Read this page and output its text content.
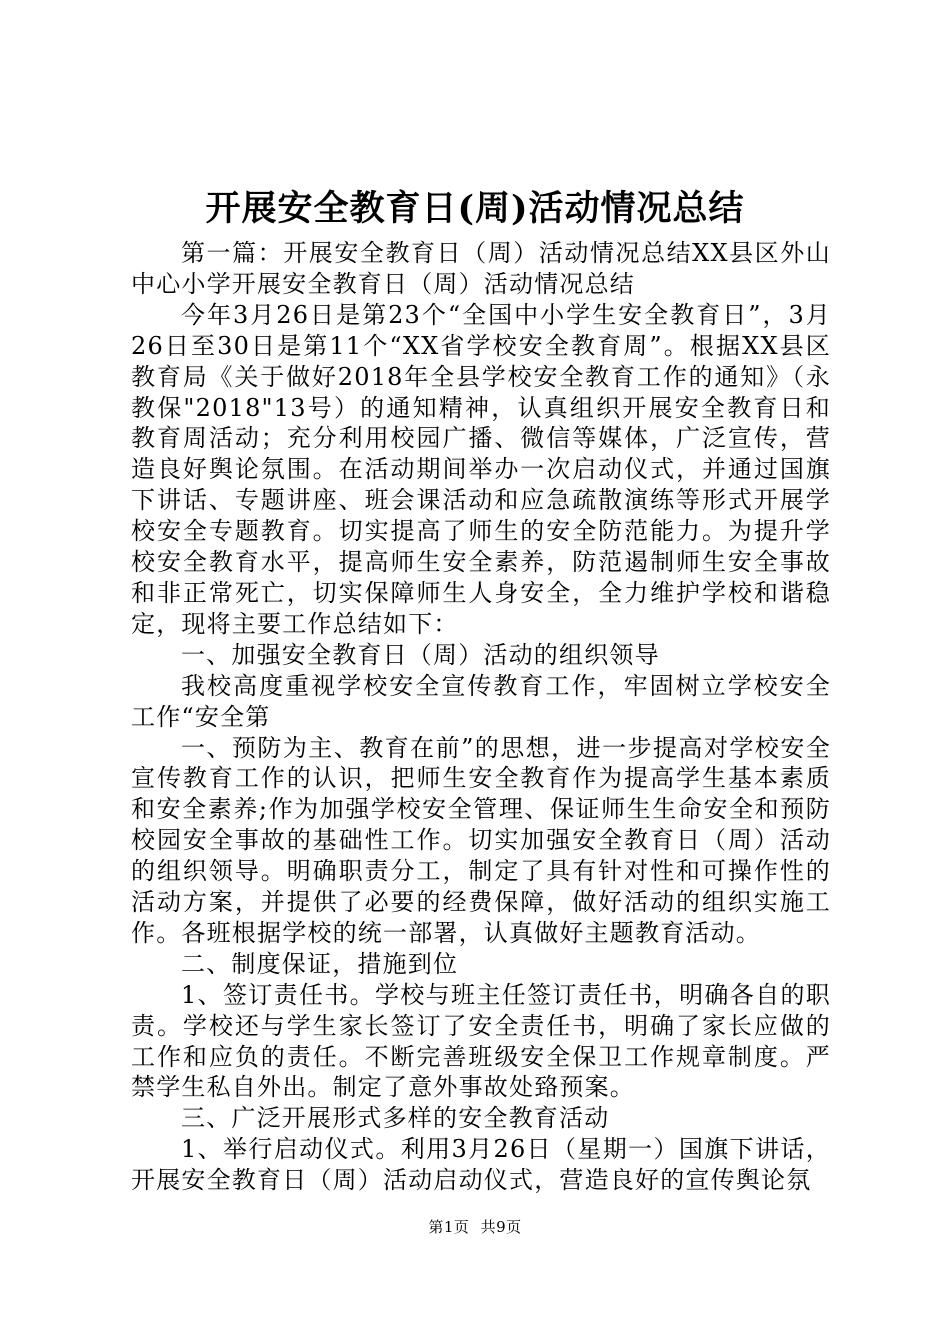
开展安全教育日(周)活动情况总结

第一篇：开展安全教育日（周）活动情况总结XX县区外山中心小学开展安全教育日（周）活动情况总结

今年3月26日是第23个“全国中小学生安全教育日”，3月26日至30日是第11个“XX省学校安全教育周”。根据XX县区教育局《关于做好2018年全县学校安全教育工作的通知》（永教保"2018"13号）的通知精神，认真组织开展安全教育日和教育周活动；充分利用校园广播、微信等媒体，广泛宣传，营造良好舆论氛围。在活动期间举办一次启动仪式，并通过国旗下讲话、专题讲座、班会课活动和应急疏散演练等形式开展学校安全专题教育。切实提高了师生的安全防范能力。为提升学校安全教育水平，提高师生安全素养，防范遏制师生安全事故和非正常死亡，切实保障师生人身安全，全力维护学校和谐稳定，现将主要工作总结如下：

一、加强安全教育日（周）活动的组织领导

我校高度重视学校安全宣传教育工作，牢固树立学校安全工作“安全第

一、预防为主、教育在前”的思想，进一步提高对学校安全宣传教育工作的认识，把师生安全教育作为提高学生基本素质和安全素养;作为加强学校安全管理、保证师生生命安全和预防校园安全事故的基础性工作。切实加强安全教育日（周）活动的组织领导。明确职责分工，制定了具有针对性和可操作性的活动方案，并提供了必要的经费保障，做好活动的组织实施工作。各班根据学校的统一部署，认真做好主题教育活动。

二、制度保证，措施到位

1、签订责任书。学校与班主任签订责任书，明确各自的职责。学校还与学生家长签订了安全责任书，明确了家长应做的工作和应负的责任。不断完善班级安全保卫工作规章制度。严禁学生私自外出。制定了意外事故处臵预案。

三、广泛开展形式多样的安全教育活动

1、举行启动仪式。利用3月26日（星期一）国旗下讲话，开展安全教育日（周）活动启动仪式，营造良好的宣传舆论氛

第1页 共9页
